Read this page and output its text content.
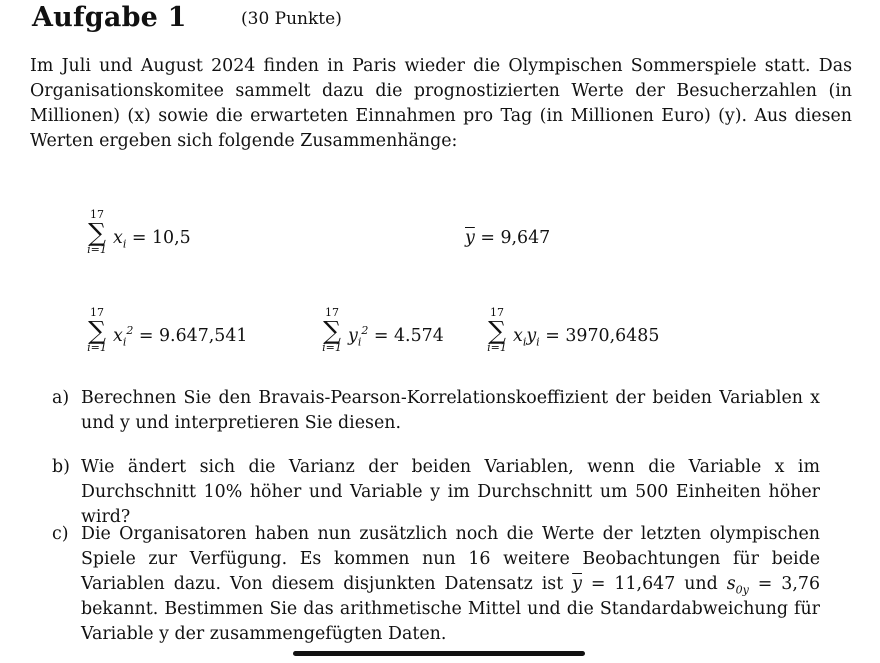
Aufgabe 1	(30 Punkte)

Im Juli und August 2024 finden in Paris wieder die Olympischen Sommerspiele statt. Das Organisationskomitee sammelt dazu die prognostizierten Werte der Besucherzahlen (in Millionen) (x) sowie die erwarteten Einnahmen pro Tag (in Millionen Euro) (y). Aus diesen Werten ergeben sich folgende Zusammenhänge:

17
∑
i=1
$x_i = 10,5$	$\overline{y} = 9,647$
17
∑
i=1
$x_i^2 = 9.647,541$
17
∑
i=1
$y_i^2 = 4.574$
17
∑
i=1
$x_iy_i = 3970,6485$
a) Berechnen Sie den Bravais-Pearson-Korrelationskoeffizient der beiden Variablen x und y und interpretieren Sie diesen.
b) Wie ändert sich die Varianz der beiden Variablen, wenn die Variable x im Durchschnitt 10% höher und Variable y im Durchschnitt um 500 Einheiten höher wird?
c) Die Organisatoren haben nun zusätzlich noch die Werte der letzten olympischen Spiele zur Verfügung. Es kommen nun 16 weitere Beobachtungen für beide Variablen dazu. Von diesem disjunkten Datensatz ist $\overline{y} = 11,647$ und $s_{0y} = 3,76$ bekannt. Bestimmen Sie das arithmetische Mittel und die Standardabweichung für Variable y der zusammengefügten Daten.
